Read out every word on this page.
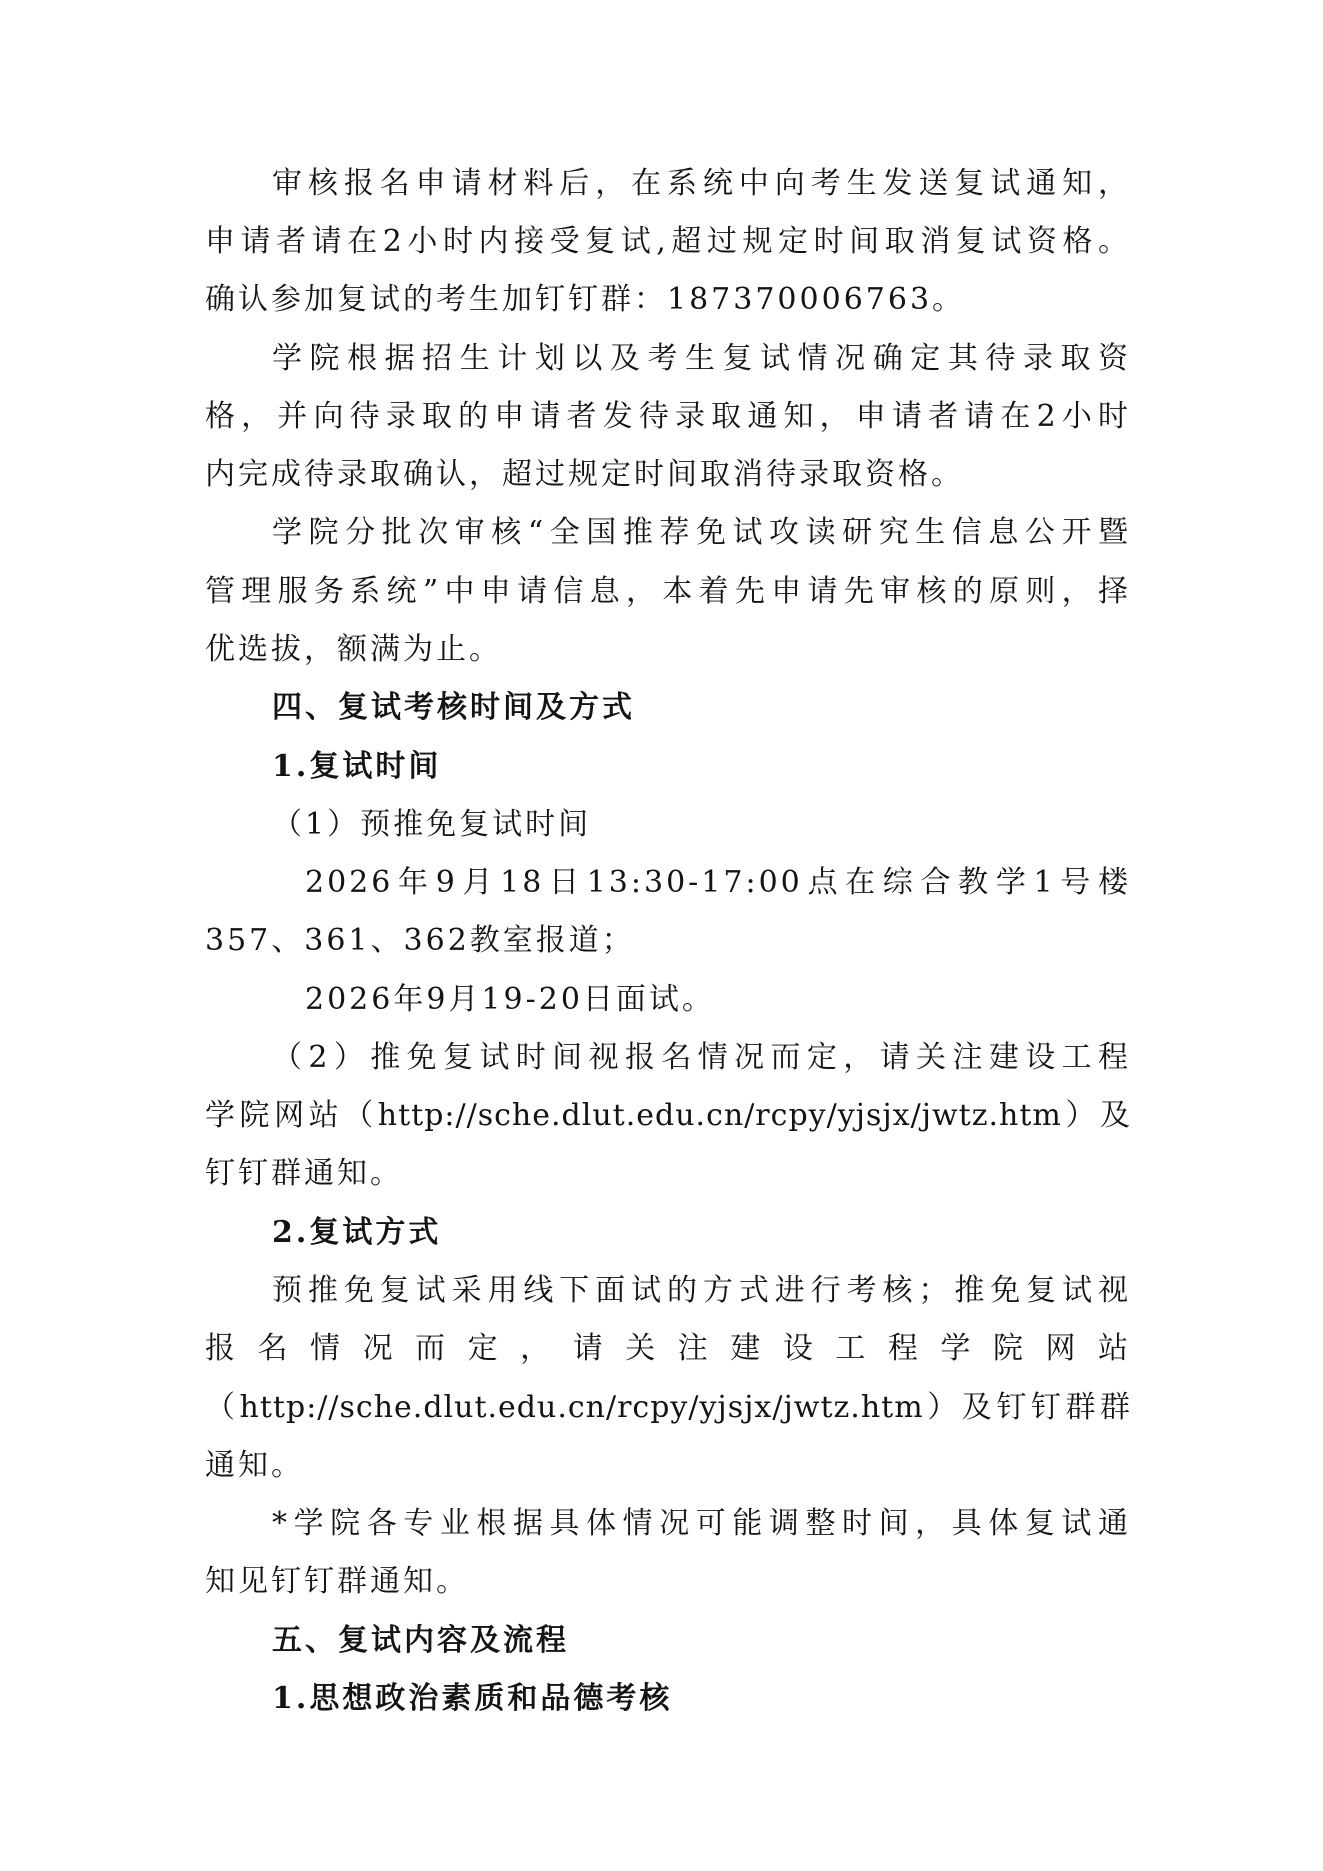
审核报名申请材料后，在系统中向考生发送复试通知，
申请者请在2小时内接受复试,超过规定时间取消复试资格。
确认参加复试的考生加钉钉群：187370006763。
学院根据招生计划以及考生复试情况确定其待录取资
格，并向待录取的申请者发待录取通知，申请者请在2小时
内完成待录取确认，超过规定时间取消待录取资格。
学院分批次审核“全国推荐免试攻读研究生信息公开暨
管理服务系统”中申请信息，本着先申请先审核的原则，择
优选拔，额满为止。
四、复试考核时间及方式
1.复试时间
（1）预推免复试时间
2026年9月18日13:30-17:00点在综合教学1号楼
357、361、362教室报道；
2026年9月19-20日面试。
（2）推免复试时间视报名情况而定，请关注建设工程
学院网站（http://sche.dlut.edu.cn/rcpy/yjsjx/jwtz.htm）及
钉钉群通知。
2.复试方式
预推免复试采用线下面试的方式进行考核；推免复试视
报名情况而定，请关注建设工程学院网站
（http://sche.dlut.edu.cn/rcpy/yjsjx/jwtz.htm）及钉钉群群
通知。
*学院各专业根据具体情况可能调整时间，具体复试通
知见钉钉群通知。
五、复试内容及流程
1.思想政治素质和品德考核
